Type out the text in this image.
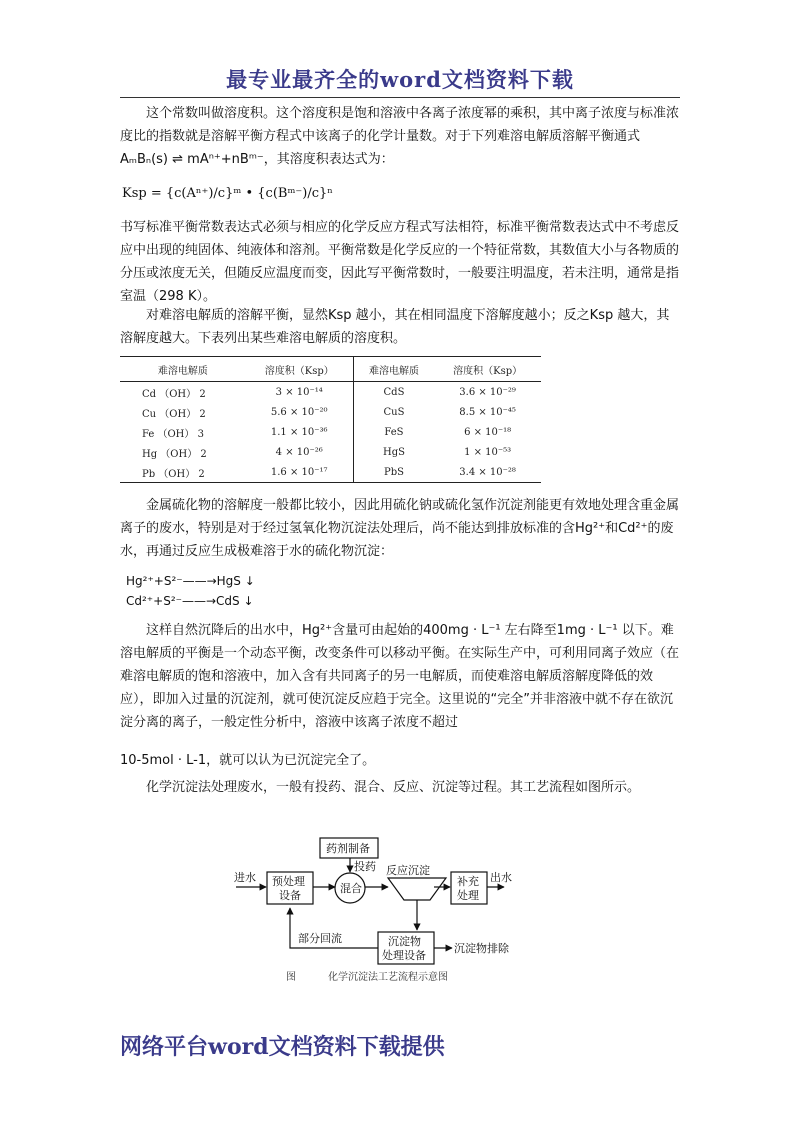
最专业最齐全的word文档资料下载

这个常数叫做溶度积。这个溶度积是饱和溶液中各离子浓度幂的乘积，其中离子浓度与标准浓度比的指数就是溶解平衡方程式中该离子的化学计量数。对于下列难溶电解质溶解平衡通式 AₘBₙ(s) ⇌ mAⁿ⁺+nBᵐ⁻，其溶度积表达式为：

Ksp = {c(Aⁿ⁺)/c}ᵐ • {c(Bᵐ⁻)/c}ⁿ

书写标准平衡常数表达式必须与相应的化学反应方程式写法相符，标准平衡常数表达式中不考虑反应中出现的纯固体、纯液体和溶剂。平衡常数是化学反应的一个特征常数，其数值大小与各物质的分压或浓度无关，但随反应温度而变，因此写平衡常数时，一般要注明温度，若未注明，通常是指室温（298 K）。

对难溶电解质的溶解平衡，显然Ksp 越小，其在相同温度下溶解度越小；反之Ksp 越大，其溶解度越大。下表列出某些难溶电解质的溶度积。

难溶电解质	溶度积（Ksp）	难溶电解质	溶度积（Ksp）
Cd （OH） 2	3 × 10⁻¹⁴	CdS	3.6 × 10⁻²⁹
Cu （OH） 2	5.6 × 10⁻²⁰	CuS	8.5 × 10⁻⁴⁵
Fe （OH） 3	1.1 × 10⁻³⁶	FeS	6 × 10⁻¹⁸
Hg （OH） 2	4 × 10⁻²⁶	HgS	1 × 10⁻⁵³
Pb （OH） 2	1.6 × 10⁻¹⁷	PbS	3.4 × 10⁻²⁸

金属硫化物的溶解度一般都比较小，因此用硫化钠或硫化氢作沉淀剂能更有效地处理含重金属离子的废水，特别是对于经过氢氧化物沉淀法处理后，尚不能达到排放标准的含Hg²⁺和Cd²⁺的废水，再通过反应生成极难溶于水的硫化物沉淀：

Hg²⁺+S²⁻——→HgS ↓
Cd²⁺+S²⁻——→CdS ↓

这样自然沉降后的出水中，Hg²⁺含量可由起始的400mg · L⁻¹ 左右降至1mg · L⁻¹ 以下。难溶电解质的平衡是一个动态平衡，改变条件可以移动平衡。在实际生产中，可利用同离子效应（在难溶电解质的饱和溶液中，加入含有共同离子的另一电解质，而使难溶电解质溶解度降低的效应），即加入过量的沉淀剂，就可使沉淀反应趋于完全。这里说的“完全”并非溶液中就不存在欲沉淀分离的离子，一般定性分析中，溶液中该离子浓度不超过

10-5mol · L-1，就可以认为已沉淀完全了。

化学沉淀法处理废水，一般有投药、混合、反应、沉淀等过程。其工艺流程如图所示。

进水 预处理
设备
药剂制备
投药
混合
反应沉淀
补充
处理
出水
部分回流	沉淀物
处理设备
沉淀物排除
图	化学沉淀法工艺流程示意图
网络平台word文档资料下载提供
